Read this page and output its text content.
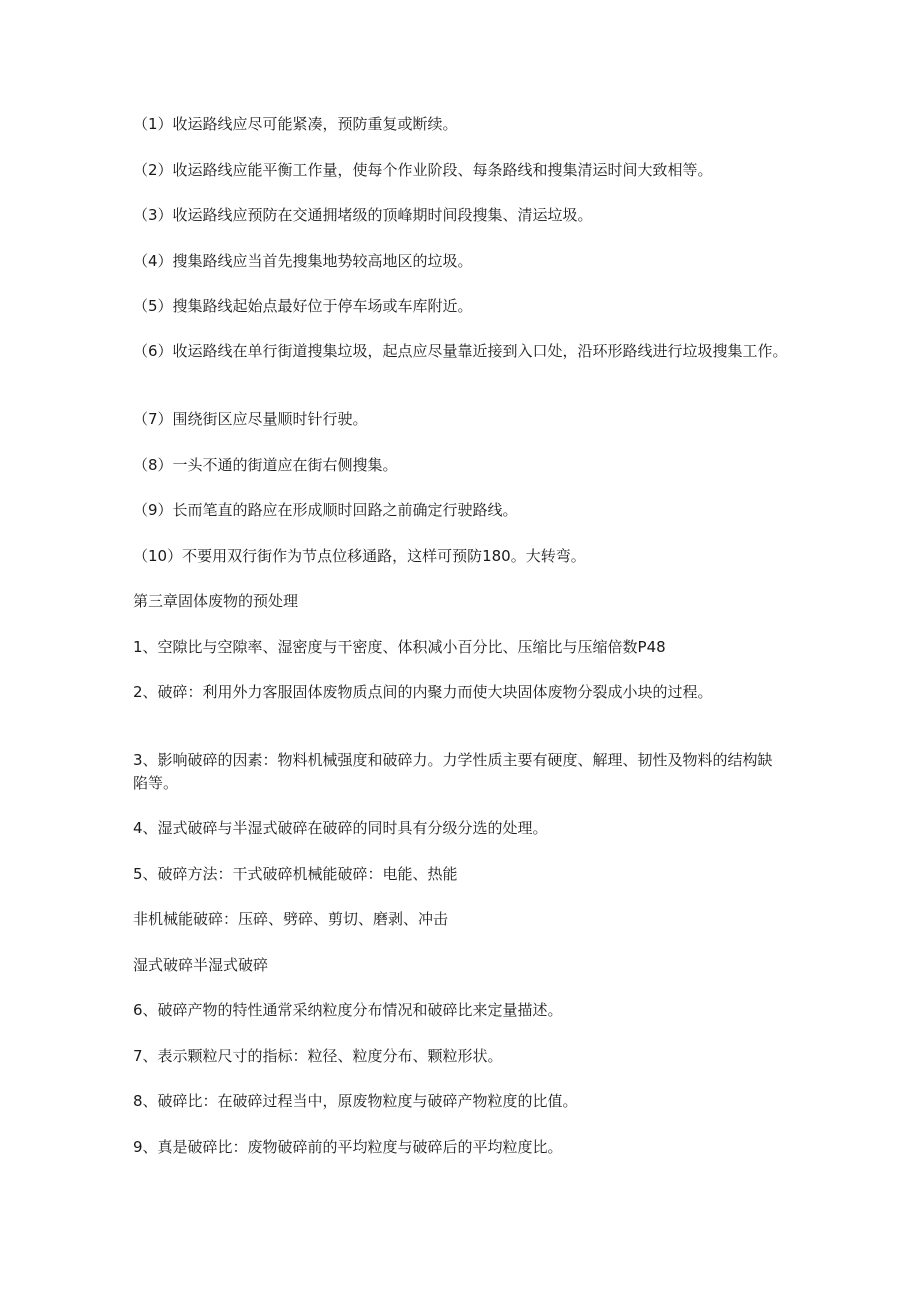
（1）收运路线应尽可能紧凑，预防重复或断续。
（2）收运路线应能平衡工作量，使每个作业阶段、每条路线和搜集清运时间大致相等。
（3）收运路线应预防在交通拥堵级的顶峰期时间段搜集、清运垃圾。
（4）搜集路线应当首先搜集地势较高地区的垃圾。
（5）搜集路线起始点最好位于停车场或车库附近。
（6）收运路线在单行街道搜集垃圾，起点应尽量靠近接到入口处，沿环形路线进行垃圾搜集工作。
（7）围绕街区应尽量顺时针行驶。
（8）一头不通的街道应在街右侧搜集。
（9）长而笔直的路应在形成顺时回路之前确定行驶路线。
（10）不要用双行街作为节点位移通路，这样可预防180。大转弯。
第三章固体废物的预处理
1、空隙比与空隙率、湿密度与干密度、体积减小百分比、压缩比与压缩倍数P48
2、破碎：利用外力客服固体废物质点间的内聚力而使大块固体废物分裂成小块的过程。
3、影响破碎的因素：物料机械强度和破碎力。力学性质主要有硬度、解理、韧性及物料的结构缺陷等。
4、湿式破碎与半湿式破碎在破碎的同时具有分级分选的处理。
5、破碎方法：干式破碎机械能破碎：电能、热能
非机械能破碎：压碎、劈碎、剪切、磨剥、冲击
湿式破碎半湿式破碎
6、破碎产物的特性通常采纳粒度分布情况和破碎比来定量描述。
7、表示颗粒尺寸的指标：粒径、粒度分布、颗粒形状。
8、破碎比：在破碎过程当中，原废物粒度与破碎产物粒度的比值。
9、真是破碎比：废物破碎前的平均粒度与破碎后的平均粒度比。
